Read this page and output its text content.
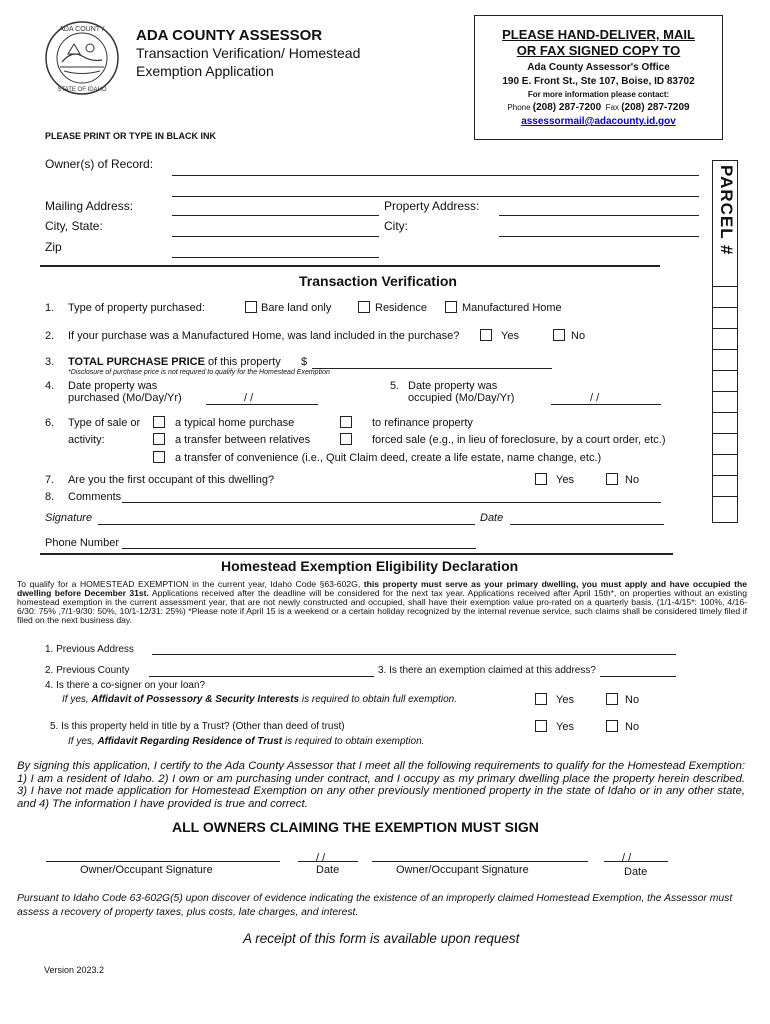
ADA COUNTY
STATE OF IDAHO
ADA COUNTY ASSESSOR
Transaction Verification/ Homestead
Exemption Application
PLEASE HAND-DELIVER, MAIL
OR FAX SIGNED COPY TO
Ada County Assessor's Office
190 E. Front St., Ste 107, Boise, ID 83702
For more information please contact:
Phone (208) 287-7200 Fax (208) 287-7209
assessormail@adacounty.id.gov
PLEASE PRINT OR TYPE IN BLACK INK
PARCEL #
Owner(s) of Record:
Mailing Address:	Property Address:
City, State:	City:
Zip
Transaction Verification
1. Type of property purchased:	Bare land only	Residence	Manufactured Home
2. If your purchase was a Manufactured Home, was land included in the purchase?	Yes	No
3. TOTAL PURCHASE PRICE of this property $
*Disclosure of purchase price is not required to qualify for the Homestead Exemption
4. Date property was
purchased (Mo/Day/Yr)	/ /
5. Date property was
occupied (Mo/Day/Yr)	/ /
6. Type of sale or
activity:
a typical home purchase	to refinance property
a transfer between relatives	forced sale (e.g., in lieu of foreclosure, by a court order, etc.)
a transfer of convenience (i.e., Quit Claim deed, create a life estate, name change, etc.)
7. Are you the first occupant of this dwelling?	Yes	No
8. Comments
Signature	Date
Phone Number
Homestead Exemption Eligibility Declaration
To qualify for a HOMESTEAD EXEMPTION in the current year, Idaho Code §63-602G, this property must serve as your primary dwelling, you must apply and have occupied the dwelling before December 31st. Applications received after the deadline will be considered for the next tax year. Applications received after April 15th*, on properties without an existing homestead exemption in the current assessment year, that are not newly constructed and occupied, shall have their exemption value pro-rated on a quarterly basis. (1/1-4/15*: 100%, 4/16-6/30: 75% ,7/1-9/30: 50%, 10/1-12/31: 25%) *Please note if April 15 is a weekend or a certain holiday recognized by the internal revenue service, such claims shall be considered timely filed if filed on the next business day.
1. Previous Address
2. Previous County	3. Is there an exemption claimed at this address?
4. Is there a co-signer on your loan?
If yes, Affidavit of Possessory & Security Interests is required to obtain full exemption.	Yes	No
5. Is this property held in title by a Trust? (Other than deed of trust)	Yes	No
If yes, Affidavit Regarding Residence of Trust is required to obtain exemption.
By signing this application, I certify to the Ada County Assessor that I meet all the following requirements to qualify for the Homestead Exemption: 1) I am a resident of Idaho. 2) I own or am purchasing under contract, and I occupy as my primary dwelling place the property herein described. 3) I have not made application for Homestead Exemption on any other previously mentioned property in the state of Idaho or in any other state, and 4) The information I have provided is true and correct.
ALL OWNERS CLAIMING THE EXEMPTION MUST SIGN
Owner/Occupant Signature
/ /
Date	Owner/Occupant Signature
/ /
Date
Pursuant to Idaho Code 63-602G(5) upon discover of evidence indicating the existence of an improperly claimed Homestead Exemption, the Assessor must assess a recovery of property taxes, plus costs, late charges, and interest.
A receipt of this form is available upon request
Version 2023.2
